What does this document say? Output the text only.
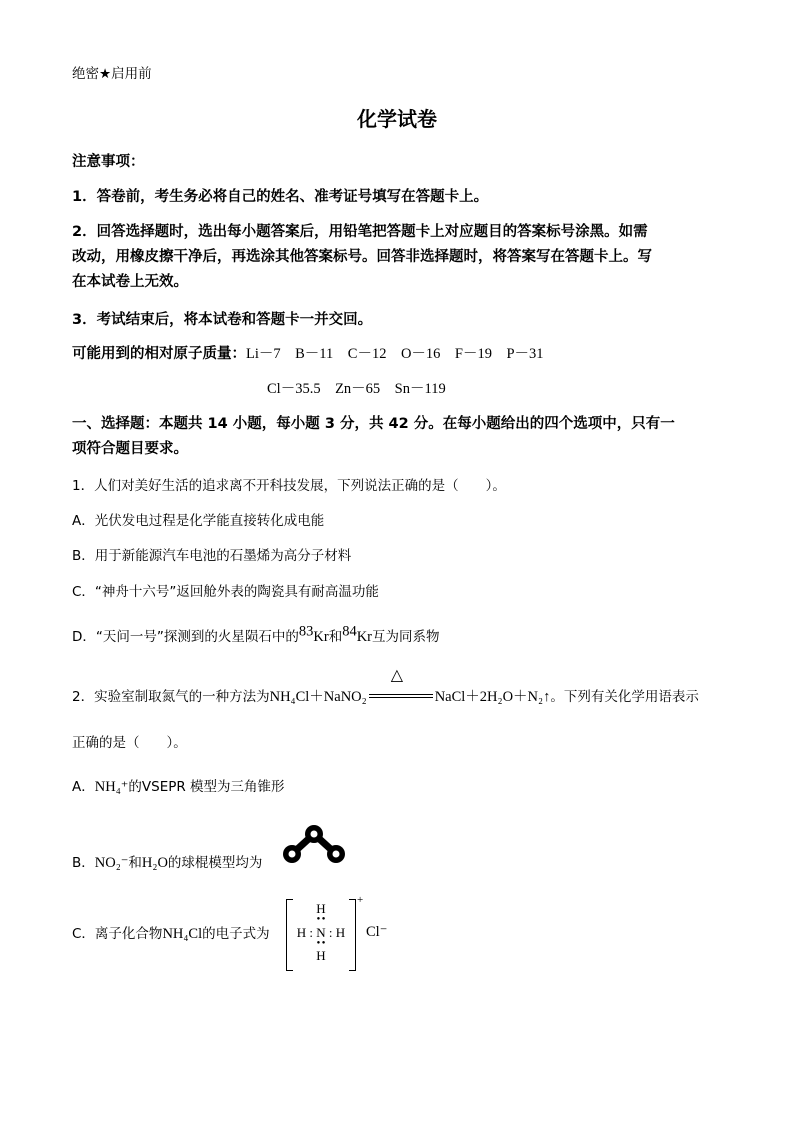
绝密★启用前
化学试卷
注意事项：
1．答卷前，考生务必将自己的姓名、准考证号填写在答题卡上。
2．回答选择题时，选出每小题答案后，用铅笔把答题卡上对应题目的答案标号涂黑。如需
改动，用橡皮擦干净后，再选涂其他答案标号。回答非选择题时，将答案写在答题卡上。写
在本试卷上无效。
3．考试结束后，将本试卷和答题卡一并交回。
可能用到的相对原子质量：Li－7　B－11　C－12　O－16　F－19　P－31
Cl－35.5　Zn－65　Sn－119
一、选择题：本题共 14 小题，每小题 3 分，共 42 分。在每小题给出的四个选项中，只有一
项符合题目要求。
1．人们对美好生活的追求离不开科技发展，下列说法正确的是（　　）。
A．光伏发电过程是化学能直接转化成电能
B．用于新能源汽车电池的石墨烯为高分子材料
C．“神舟十六号”返回舱外表的陶瓷具有耐高温功能
D．“天问一号”探测到的火星陨石中的$^{83}$Kr和$^{84}$Kr互为同系物
2．实验室制取氮气的一种方法为NH₄Cl＋NaNO₂
△
NaCl＋2H₂O＋N₂↑。下列有关化学用语表示
正确的是（　　）。
A．NH₄⁺的VSEPR 模型为三角锥形
B．NO₂⁻和H₂O的球棍模型均为
C．离子化合物NH₄Cl的电子式为
H
● ●
H : N : H
● ●
H
+
Cl⁻
